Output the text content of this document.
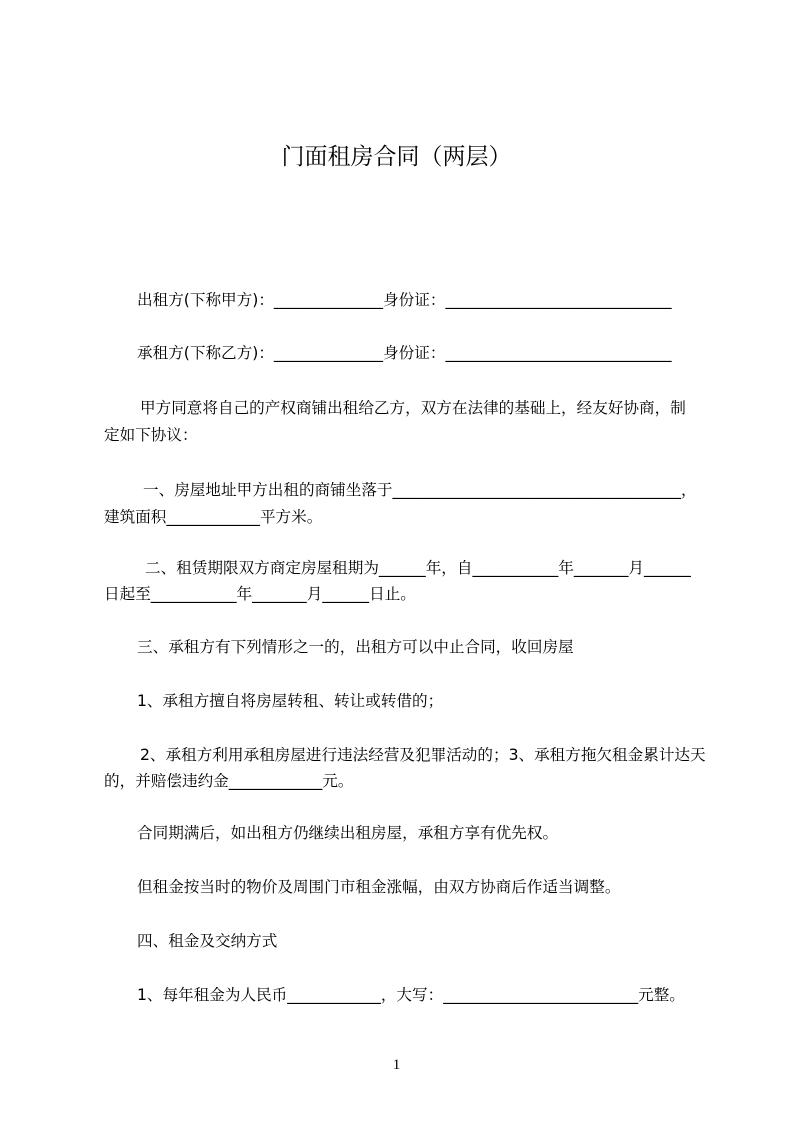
门面租房合同（两层）
出租方(下称甲方)：______________身份证：_____________________________
承租方(下称乙方)：______________身份证：_____________________________
甲方同意将自己的产权商铺出租给乙方，双方在法律的基础上，经友好协商，制
定如下协议：
一、房屋地址甲方出租的商铺坐落于_____________________________________，
建筑面积____________平方米。
二、租赁期限双方商定房屋租期为______年，自___________年_______月______
日起至___________年_______月______日止。
三、承租方有下列情形之一的，出租方可以中止合同，收回房屋
1、承租方擅自将房屋转租、转让或转借的；
2、承租方利用承租房屋进行违法经营及犯罪活动的；3、承租方拖欠租金累计达天
的，并赔偿违约金____________元。
合同期满后，如出租方仍继续出租房屋，承租方享有优先权。
但租金按当时的物价及周围门市租金涨幅，由双方协商后作适当调整。
四、租金及交纳方式
1、每年租金为人民币____________，大写：_________________________元整。
1
